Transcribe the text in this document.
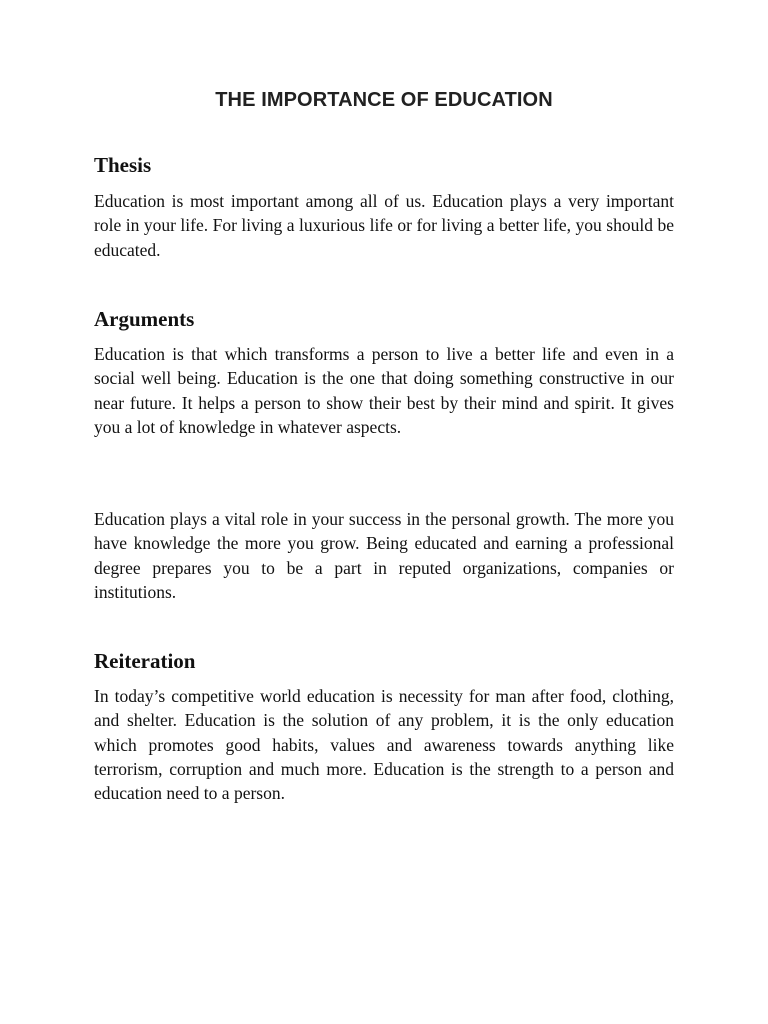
THE IMPORTANCE OF EDUCATION
Thesis

Education is most important among all of us. Education plays a very important role in your life. For living a luxurious life or for living a better life, you should be educated.

Arguments

Education is that which transforms a person to live a better life and even in a social well being. Education is the one that doing something constructive in our near future. It helps a person to show their best by their mind and spirit. It gives you a lot of knowledge in whatever aspects.

Education plays a vital role in your success in the personal growth. The more you have knowledge the more you grow. Being educated and earning a professional degree prepares you to be a part in reputed organizations, companies or institutions.

Reiteration

In today’s competitive world education is necessity for man after food, clothing, and shelter. Education is the solution of any problem, it is the only education which promotes good habits, values and awareness towards anything like terrorism, corruption and much more. Education is the strength to a person and education need to a person.
